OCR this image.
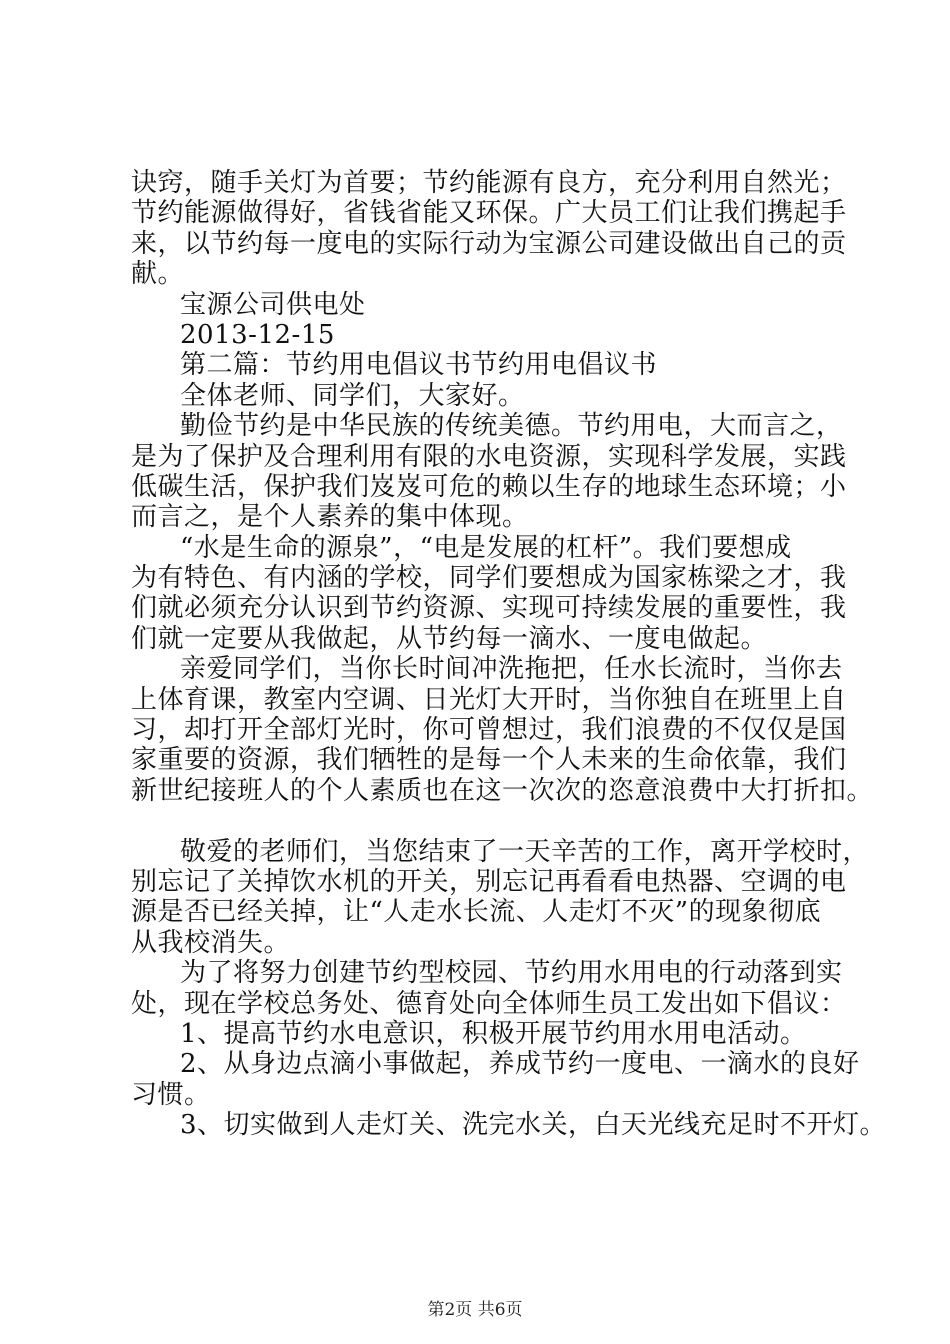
诀窍，随手关灯为首要；节约能源有良方，充分利用自然光；
节约能源做得好，省钱省能又环保。广大员工们让我们携起手
来，以节约每一度电的实际行动为宝源公司建设做出自己的贡
献。
宝源公司供电处
2013-12-15
第二篇：节约用电倡议书节约用电倡议书
全体老师、同学们，大家好。
勤俭节约是中华民族的传统美德。节约用电，大而言之，
是为了保护及合理利用有限的水电资源，实现科学发展，实践
低碳生活，保护我们岌岌可危的赖以生存的地球生态环境；小
而言之，是个人素养的集中体现。
“水是生命的源泉”，“电是发展的杠杆”。我们要想成
为有特色、有内涵的学校，同学们要想成为国家栋梁之才，我
们就必须充分认识到节约资源、实现可持续发展的重要性，我
们就一定要从我做起，从节约每一滴水、一度电做起。
亲爱同学们，当你长时间冲洗拖把，任水长流时，当你去
上体育课，教室内空调、日光灯大开时，当你独自在班里上自
习，却打开全部灯光时，你可曾想过，我们浪费的不仅仅是国
家重要的资源，我们牺牲的是每一个人未来的生命依靠，我们
新世纪接班人的个人素质也在这一次次的恣意浪费中大打折扣。
敬爱的老师们，当您结束了一天辛苦的工作，离开学校时，
别忘记了关掉饮水机的开关，别忘记再看看电热器、空调的电
源是否已经关掉，让“人走水长流、人走灯不灭”的现象彻底
从我校消失。
为了将努力创建节约型校园、节约用水用电的行动落到实
处，现在学校总务处、德育处向全体师生员工发出如下倡议：
1、提高节约水电意识，积极开展节约用水用电活动。
2、从身边点滴小事做起，养成节约一度电、一滴水的良好
习惯。
3、切实做到人走灯关、洗完水关，白天光线充足时不开灯。
第2页 共6页
